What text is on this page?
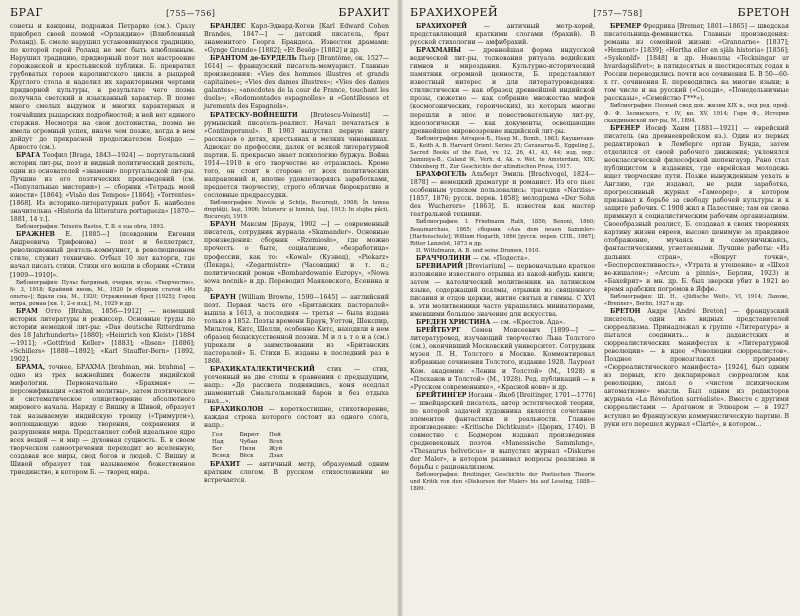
БРАГ	[755—756]	БРАХИТ

сонеты и канцоны, подражая Петрарке (см.). Сразу приобрел своей поэмой «Орландино» (Влюбленный Роланд). Б. смело нарушил установившуюся традицию, по которой герой Роланд не мог быть влюбленным. Нарушил традицию, придворный поэт пел настроение горожанской и крестьянской публики. Б. превратил грубоватых героев каролингского цикла в рыцарей Круглого стола и наделил их характерными чертами придворной культуры, в результате чего поэма получила светский и изысканный характер. В поэме много смелых выдумок и многих характерных и тончайших рыцарских подробностей; в ней нет единого стержня. Несмотря на свои достоинства, поэма не имела огромный успех, иначе чем позже, когда в нем дойдут до прекрасной продолжателем Боярдо — Ариосто (см.).

БРАГА Теофил [Braga, 1843—1924] — португальский историк лит-ры, поэт и видный политический деятель, один из основателей «знамени» португальской лит-ры. Лучшие из его поэтических произведений (см. «Популяльные мистерии») — сборник «Тетрадь моей юности» [1864]; «Visão dos Tempos» [1864]; «Torrentes» [1868]. Из историко-литературных работ Б. наиболее значительна «Historia da litteratura portugueza» [1870—1881, 14 т.].

Библиография: Teixeira Bastos, T. B. e sua obra, 1893.

БРАЖНЕВ Е. [1885—] (псевдоним Евгении Андреевича Трифонова) — поэт и беллетрист, революционный деятель-коммунист, в революционном стиле, служит технично. Отбыл 10 лет каторги, где начал писать стихи. Стихи его вошли в сборник «Стихи [1909—1910]».

Библиография: Пульс багряный, очерки, музы. «Творчество», № 3, 1918; Крайний вновь, М., 1920 [в сборник статей «Из опыта»]; Вдали сна, М., 1920; Отраженный бред [1925]; Город ветра, роман [кн. 1, 2-е изд.], М., 1929 и др.

БРАМ Отто [Brahm, 1856—1912] — немецкий историк литературы и режиссер. Основные труды по истории немецкой лит-ры: «Das deutsche Ritterdrama des 18 Jahrhunderts» [1880]; «Heinrich von Kleist» [1884—1911]; «Gottfried Keller» [1883]; «Ibsen» [1886]; «Schillers» [1888—1892]; «Karl Stauffer-Bern» [1892, 1902].

БРАМА, точнее, БРАХМА [brahman, мн. brahma] — одно из трех важнейших божеств индийской мифологии. Первоначально «Брахман» — персонификация «святой молитвы», затем поэтическое и систематическое олицетворение абсолютного мирового начала. Наряду с Вишну и Шивой, образует так называемую индийскую троицу («Тримурти»), воплощающую идею творения, сохранения и разрушения мира. Представляет собой идеальное ядро всех вещей — и мир — духовная сущность. Б. в своем творческом самоотречении переходит во вселенную, создавая все миры, свод богов и людей. С Вишну и Шивой образует так называемое божественное триединство, в котором Б. — творец мира.

БРАНДЕС Карл-Эдвард-Коген [Karl Edward Cohen Brandes, 1847—] — датский писатель, брат знаменитого Георга Брандеса. Известен драмами: «Gynge Grunde» [1882]; «Et Besög» [1882] и др.

БРАНТОМ де-БУРДЕЛЬ Пьер [Brantôme, ок. 1527—1614] — французский писатель-мемуарист. Главные произведения: «Vies des hommes illustres et grands capitaines»; «Vies des dames illustres»; «Vies des dames galantes»; «anecdotes de la cour de France, touchant les duels»; «Rodomontades espagnolles» и «Gentillesses et jurements des Espagnols».

БРАТЕСКУ-ВОЙНЕШТИ [Bratescu-Voinesti] — румынский писатель-реалист. Начал печататься в «Contimporanul». В 1903 выпустил первую книгу рассказов о детях, крестьянах и мелких чиновниках. Адвокат по профессии, далек от всякой литературной партии. Б. прекрасно знает психологию буржуа. Война 1914—1918 в его творчестве не отразилась. Кроме того, он стоит в стороне от всех политических направлений и, вполне удовлетворяясь заработками, предается творчеству, строго обличая бюрократию и сословные предрассудки.

Библиография: Nuvele şi Schiţe, Bucureşti, 1908; În lumea dreptăţii, Iaşi, 1906; Întuneric şi lumină, Iaşi, 1913; In slujba păcii, Bucureşti, 1919.

БРАУН Максим [Браун, 1902 —] — современный писатель, сотрудник журнала «Skamander». Основные произведения: сборник «Rzemiosło», где можно прочесть о быте, социализме, «безработица» профессии, как то: «Kowal» (Кузнец), «Piekarz» (Пекарь), «Zegarmistrz» (Часовщик) и т. п.; политический роман «Bombardowanie Europy», «Nowa sowa nocnik» и др. Переводил Маяковского, Есенина и др.

БРАУН [William Browne, 1590—1645] — английский поэт. Первая часть его «Британских пасторалей» вышла в 1613, а последняя — третья — была издана только в 1852. Поэты времени Браун, Уоттон, Шекспир, Мильтон, Китс, Шелли, особенно Китс, находили в нем образец безыскусственной поэзии. М и л ь т о н а (см.) упрекали в заимствовании из «Британских пасторалей» Б. Стихи Б. изданы в последний раз в 1868.

БРАХИКАТАЛЕКТИЧЕСКИЙ стих — стих, усеченный на две стопы в сравнении с предыдущим, напр.: «До рассвета поднявшись, коня оседлал знаменитый Смальгольмский барон и без отдыха гнал...».

БРАХИКОЛОН — короткостишие, стихотворение, каждая строка которого состоит из одного слога, напр.:

Гол	Бирют	Пей
Над	Чубан	Всех
Бег	Пили	Жуй
Вслед	Вёск	Дзах

БРАХИТ — античный метр, образуемый одним кратким слогом. В русском стихосложении не встречается.

БРАХИХОРЕЙ	[757—758]	БРЕТОН

БРАХИХОРЕЙ — античный метр-хорей, представляющий краткими слогами (брахий). В русской стихологии — амфибрахий.

БРАХМАНЫ — древнейшая форма индусской ведической лит-ры, толкования ритуала ведийских гимнов и мироздания. Культурно-исторический памятник огромной ценности, Б. представляют известный интерес и для литературоведения: стилистически — как образец древнейшей индийской прозы, сюжетно — как собрание множества мифов (космогонических, героических), из которых многие перешли в эпос и повествовательную лит-ру, идеологически — как документы, освещающие древнейшее мировоззрение индийской лит-ры.

Библиография: Айтарея-Б., Haug M., Bomb., 1863; Каушитаки-Б., Keith A. B. Harvard Orient. Series 25; Сатапатха-Б., Eggeling J., Sacred Books of the East, vv. 12, 26, 41, 43, 44; изд. пер.: Jaiminiya-B., Caland W., Verh. d. Ak. v. Wet. te Amsterdam, XIX; Oldenberg H., Zur Geschichte der altindischen Prosa, 1917.

БРАХФОГЕЛЬ Альберт Эмиль [Brachvogel, 1824—1878] — немецкий драматург и романист. Из его пьес особенным успехом пользовались: трагедия «Narziss» [1857, 1876; русск. перев. 1858]; мелодрама «Der Sohn des Wucherers» [1863]. Б. известен как мастер театральной техники.

Библиография: I. Friedmann Rath, 1856; Benoni, 1860; Beaumarchais, 1865; сборник «Aus dem neuen Sammler» [Harfenschule]; William Hogarth, 1866 [русск. перев. СПБ., 1867]; Ritter Lanzelot, 1873 и др.

II. Wittelmann, A. B. und seine Dramen, 1910.

БРАЧЧОЛИНИ — см. «Подеста».

БРЕВИАРИЙ [Breviarium] — первоначально краткое изложение известного отрывка из какой-нибудь книги; затем — католический молитвенник на латинском языке, содержащий псалмы, отрывки из священного писания и отцов церкви, житие святых и гимны. С XVI в. эти молитвенники часто украшались миниатюрами, имевшими большое значение для искусства.

БРЕДЕН ХРИСТИНА — см. «Крестов. Ада».

БРЕЙТБУРГ Семен Моисеевич [1899—] — литературовед, изучающий творчество Льва Толстого (см.), окончивший Московский университет. Сотрудник музея Л. Н. Толстого в Москве. Комментировал избранные сочинения Толстого, издание 1928. Лауреат Ком. академии: «Ленин и Толстой» (М., 1928) и «Плеханов и Толстой» (М., 1928). Ред. публикаций — в «Русском современнике», «Красной нови» и др.

БРЕЙТИНГЕР Иоганн - Якоб [Breitinger, 1701—1776] — швейцарский писатель, автор эстетической теории, по которой задачей художника является сочетание элементов фантастики и реальности. Главное произведение: «Kritische Dichtkunst» (Цюрих, 1740). В совместно с Бодмером издавал произведения средневековых поэтов «Manessische Sammlung», «Thesaurus helveticus» и выпустил журнал «Diskurse der Maler», в котором развивал вопросы реализма и борьбы с рационализмом.

Библиография: Breitinger, Geschichte der Poetischen Theorie und Kritik von den «Diskursen der Maler» bis auf Lessing, 1888—1889.

БРЕМЕР Фредрика [Bremer, 1801—1865] — шведская писательница-феминистка. Главные произведения: романы из семейной жизни: «Grannarne» [1837]; «Hemmet» [1839]; «Hertha eller en själs historia» [1856]; «Syskonlif» [1848] и др. Новеллы «Teckningar ur hvardagslifvet»; в пятидесятых и шестидесятых годах в России переводились почти все сочинения Б. В 50—60-х гг. сочинения Б. переводились на многие языки; в том числе и на русский («Соседи», «Понедельничные рассказы», «Семейство Г***»).

Библиография: Полный свод док. жизни XIX в., под ред. проф. Ф. Ф. Зелинского, т. IV, кн. XV, 1914; Горн Ф., Истории скандинавской лит-ры, М., 1894.

БРЕНЕР Иосиф Хаим [1881—1921] — еврейский писатель (на древнееврейском яз.). Один из первых редактировал в Лемберге орган Бунда, затем отделился от своей рабочего движения; уклонялся неоклассической философской шопенгауэр. Рано стал публицистом в изданиях, где еврейская молодежь ищет творческие пути. Позже вынужденным уехать в Англию, где издавал, не ради заработка, прогрессивный журнал «Гамеорер», в котором призывал к борьбе за свободу рабочей культуры и к защите рабочих. С 1908 жил в Палестине; там он снова примкнул к социалистическим рабочим организациям. Своеобразный реалист, Б. создавал в своих творениях картину жизни евреев, высоко ценимую за правдивое отображение, мучаясь и самоуничижаясь, фантастическими, угнетаемыми. Лучшие работы: «Из дальних стран», «Вокруг точки», «Бесперспективность», «Утрата и утешение» и «Шхол ве-кишалон»; «Arcum a pinnis», Берлин, 1923) и «Бахейрит» и мн. др. Б. был зверски убит в 1921 во время арабских погромов в Яффе.

Библиография: Ш. Н., «Jüdische Welt», VI, 1914; Лахове, «Brenner», Berlin, 1927 и др.

БРЕТОН Андре [André Breton] — французский писатель, один из видных представителей сюрреализма. Принадлежал к группе «Литература» и пытался соединить... в дадаистских и сюрреалистических манифестах к «Литературной революции» — в идее «Революции сюрреалистов». Позднее провозгласил программу «Сюрреалистического манифеста» [1924], был одним из первых, кто декларировал сюрреализм как революцию, писал о «чистом психическом автоматизме» мысли. Был одним из редакторов журнала «La Révolution surréaliste». Вместе с другими сюрреалистами — Арагоном и Элюаром — в 1927 вступил во Французскую коммунистическую партию. В руки его перешел журнал «Clarté», в котором...
